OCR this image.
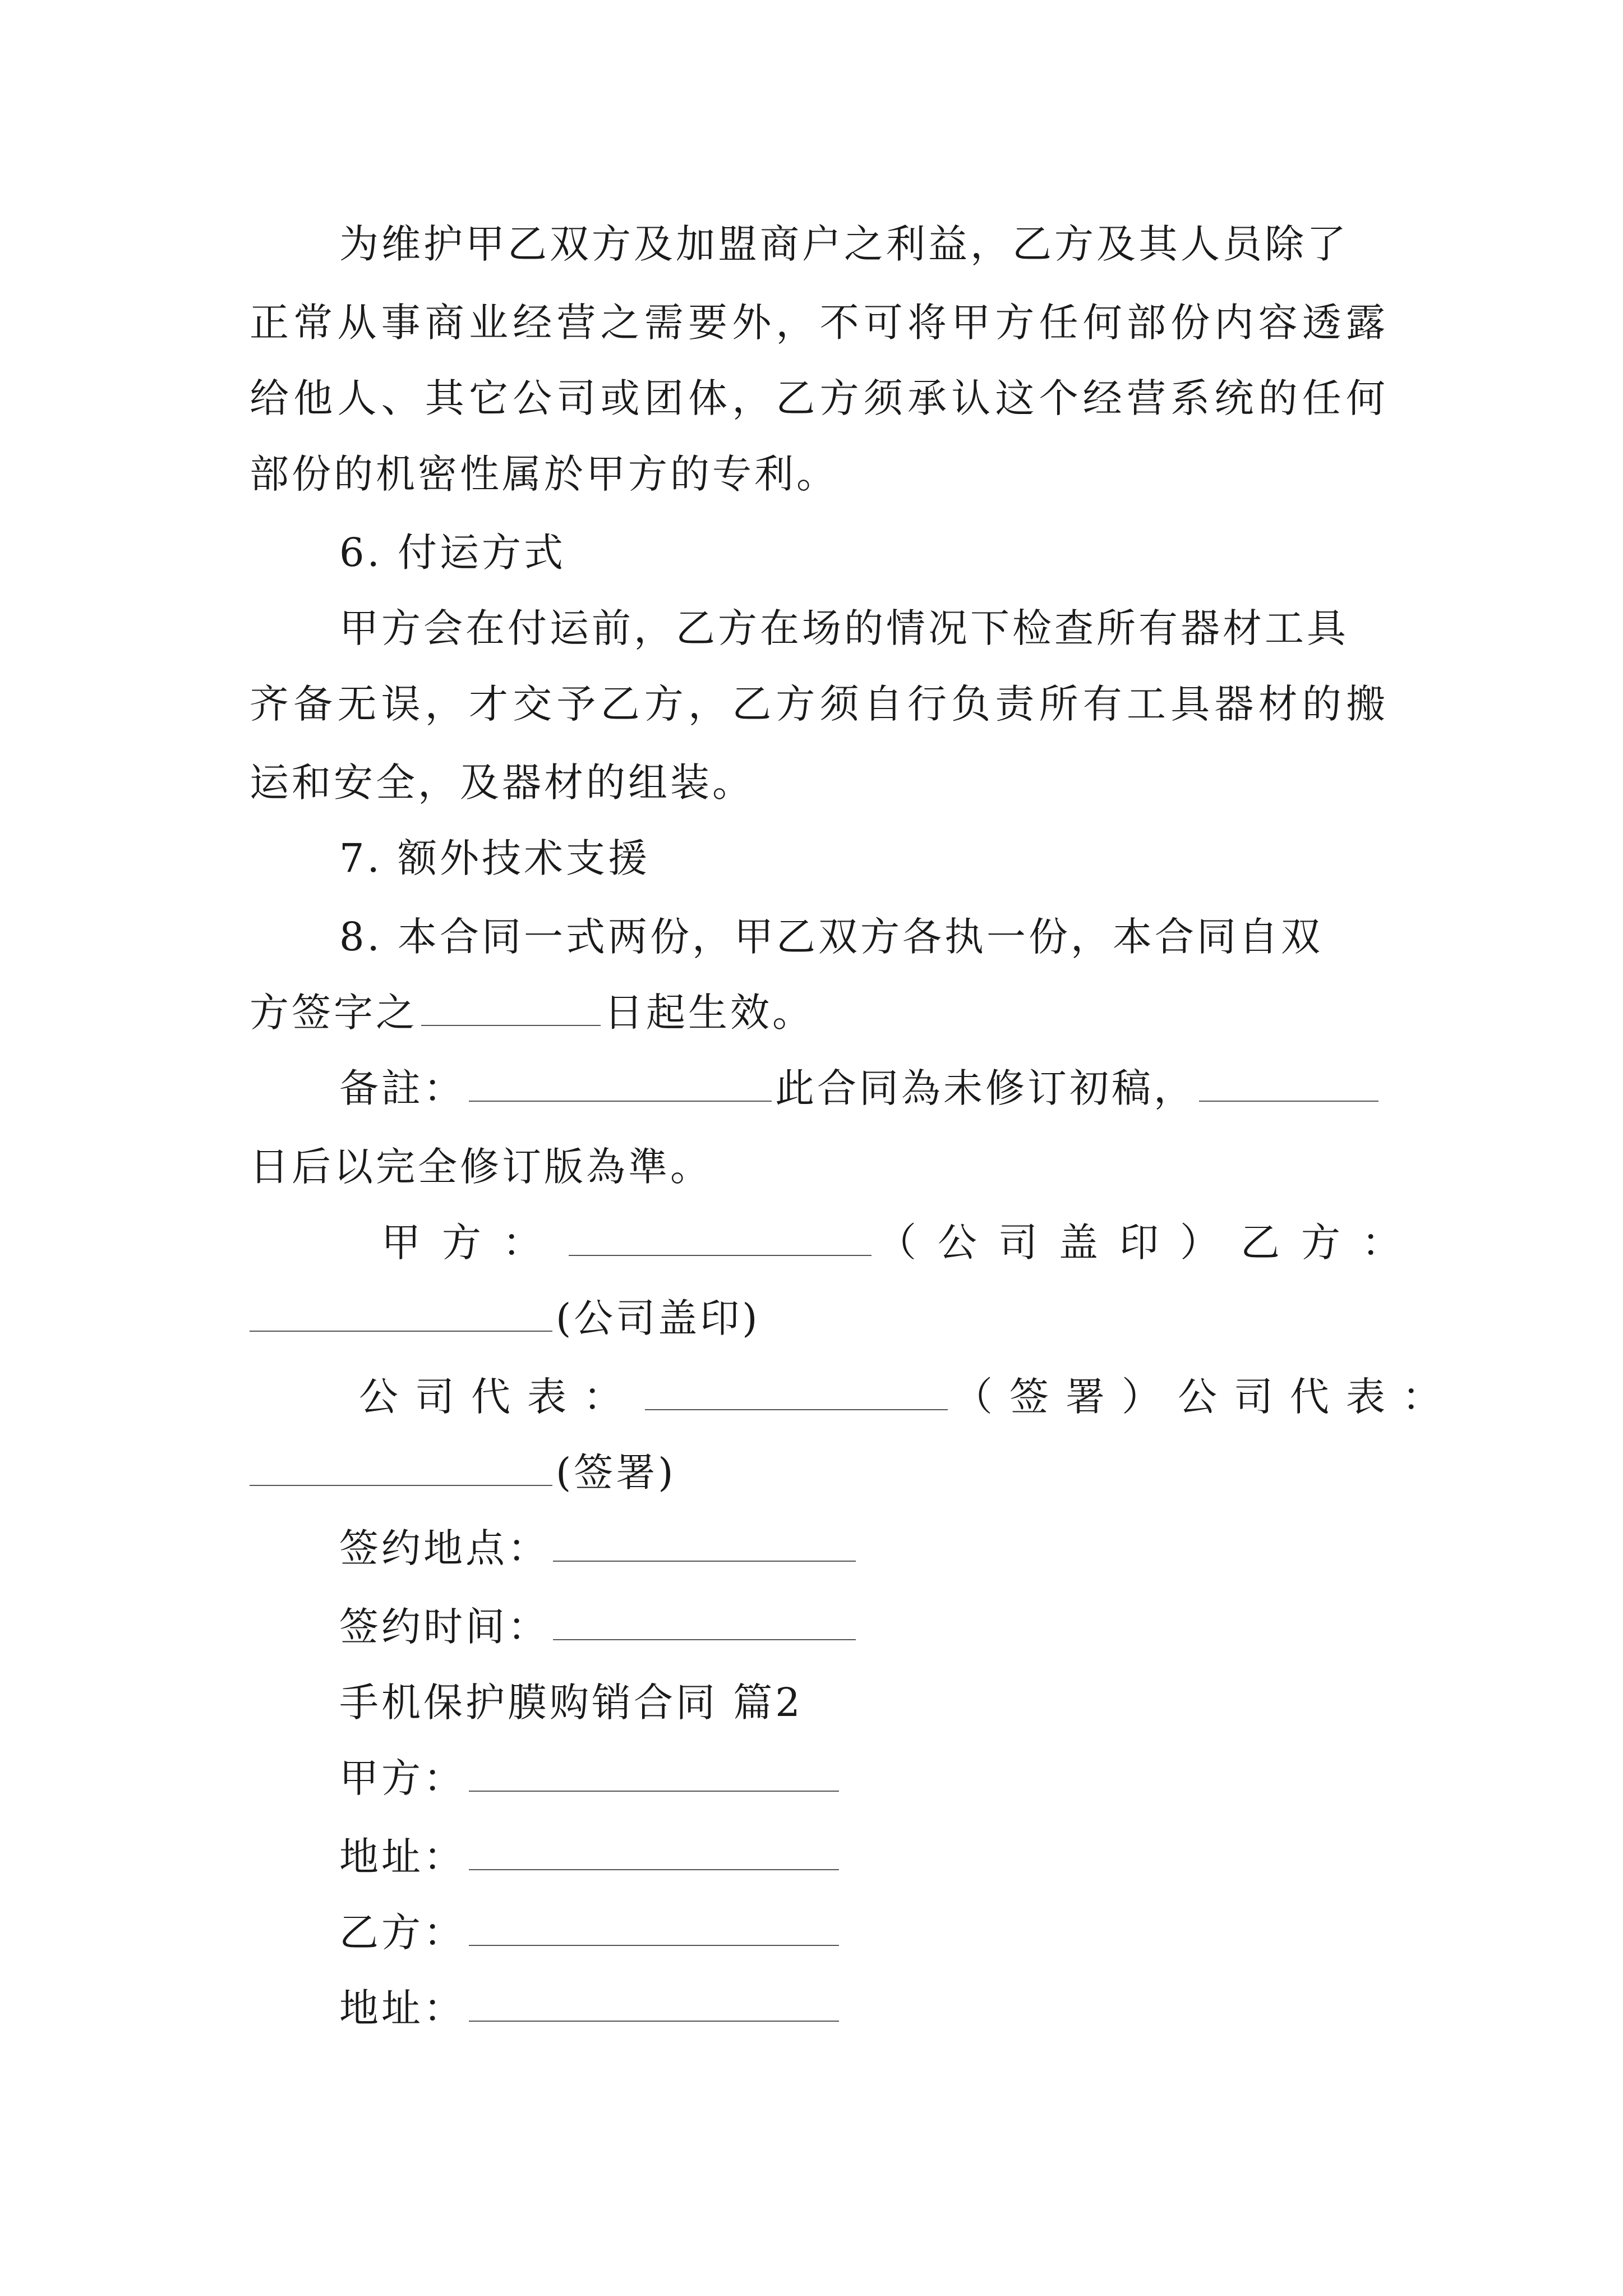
为维护甲乙双方及加盟商户之利益，乙方及其人员除了
正常从事商业经营之需要外，不可将甲方任何部份内容透露
给他人、其它公司或团体，乙方须承认这个经营系统的任何
部份的机密性属於甲方的专利。
6. 付运方式
甲方会在付运前，乙方在场的情况下检查所有器材工具
齐备无误，才交予乙方，乙方须自行负责所有工具器材的搬
运和安全，及器材的组装。
7. 额外技术支援
8. 本合同一式两份，甲乙双方各执一份，本合同自双
方签字之	日起生效。
备註：	此合同為未修订初稿，
日后以完全修订版為準。
甲方：	（公司盖印）乙方：
(公司盖印)
公司代表：	（签署）公司代表：
(签署)
签约地点：
签约时间：
手机保护膜购销合同 篇2
甲方：
地址：
乙方：
地址：
